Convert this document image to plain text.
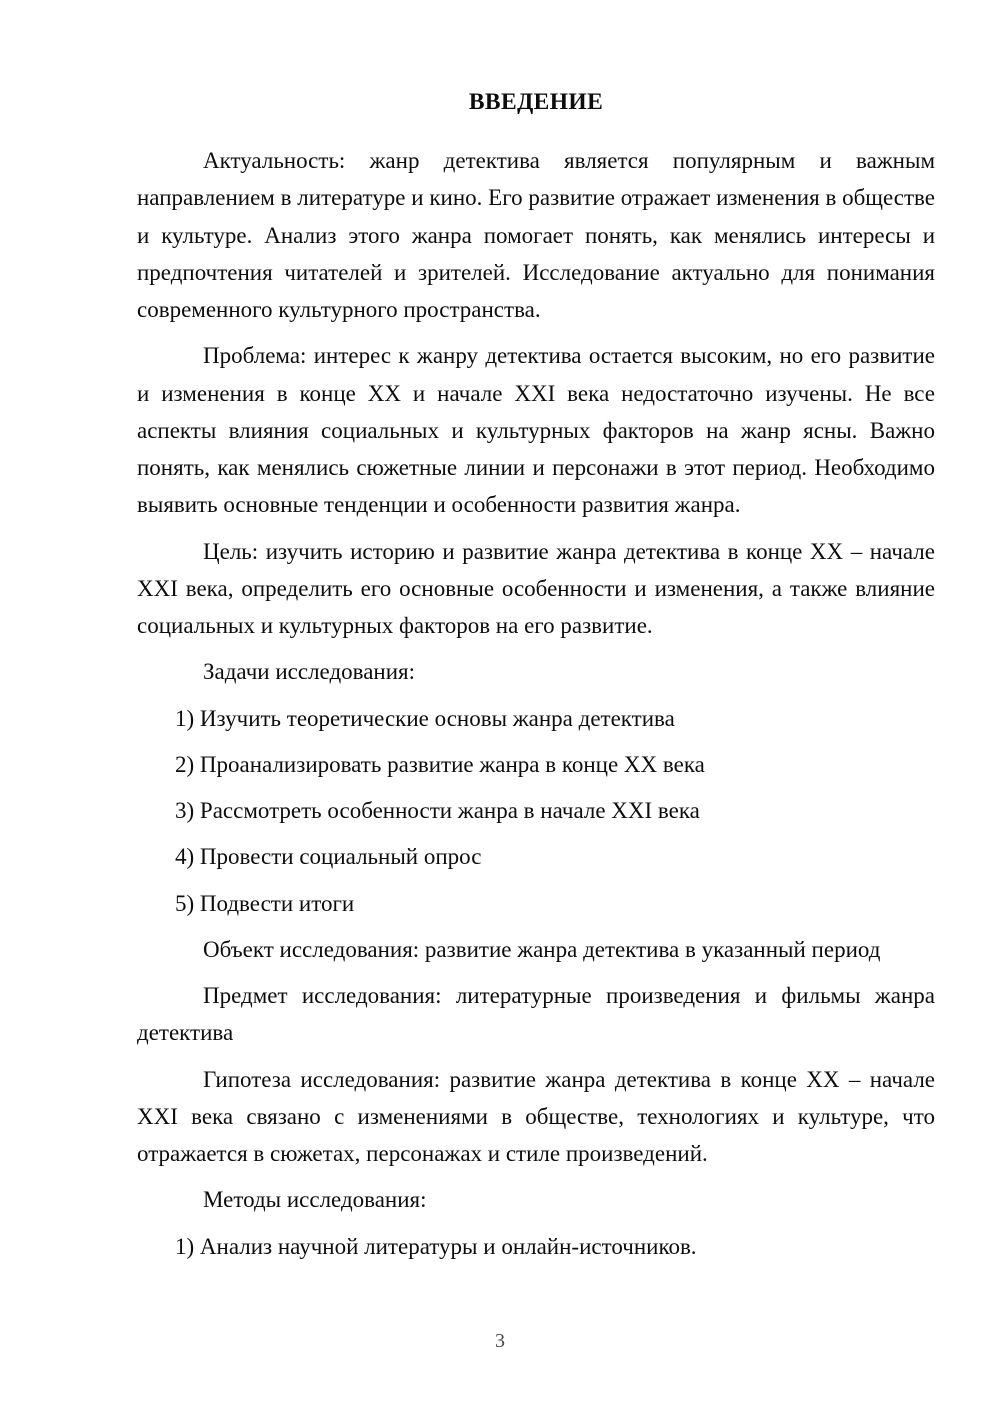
ВВЕДЕНИЕ

Актуальность: жанр детектива является популярным и важным направлением в литературе и кино. Его развитие отражает изменения в обществе и культуре. Анализ этого жанра помогает понять, как менялись интересы и предпочтения читателей и зрителей. Исследование актуально для понимания современного культурного пространства.

Проблема: интерес к жанру детектива остается высоким, но его развитие и изменения в конце XX и начале XXI века недостаточно изучены. Не все аспекты влияния социальных и культурных факторов на жанр ясны. Важно понять, как менялись сюжетные линии и персонажи в этот период. Необходимо выявить основные тенденции и особенности развития жанра.

Цель: изучить историю и развитие жанра детектива в конце XX – начале XXI века, определить его основные особенности и изменения, а также влияние социальных и культурных факторов на его развитие.

Задачи исследования:

1) Изучить теоретические основы жанра детектива

2) Проанализировать развитие жанра в конце XX века

3) Рассмотреть особенности жанра в начале XXI века

4) Провести социальный опрос

5) Подвести итоги

Объект исследования: развитие жанра детектива в указанный период

Предмет исследования: литературные произведения и фильмы жанра детектива

Гипотеза исследования: развитие жанра детектива в конце XX – начале XXI века связано с изменениями в обществе, технологиях и культуре, что отражается в сюжетах, персонажах и стиле произведений.

Методы исследования:

1) Анализ научной литературы и онлайн-источников.

3
